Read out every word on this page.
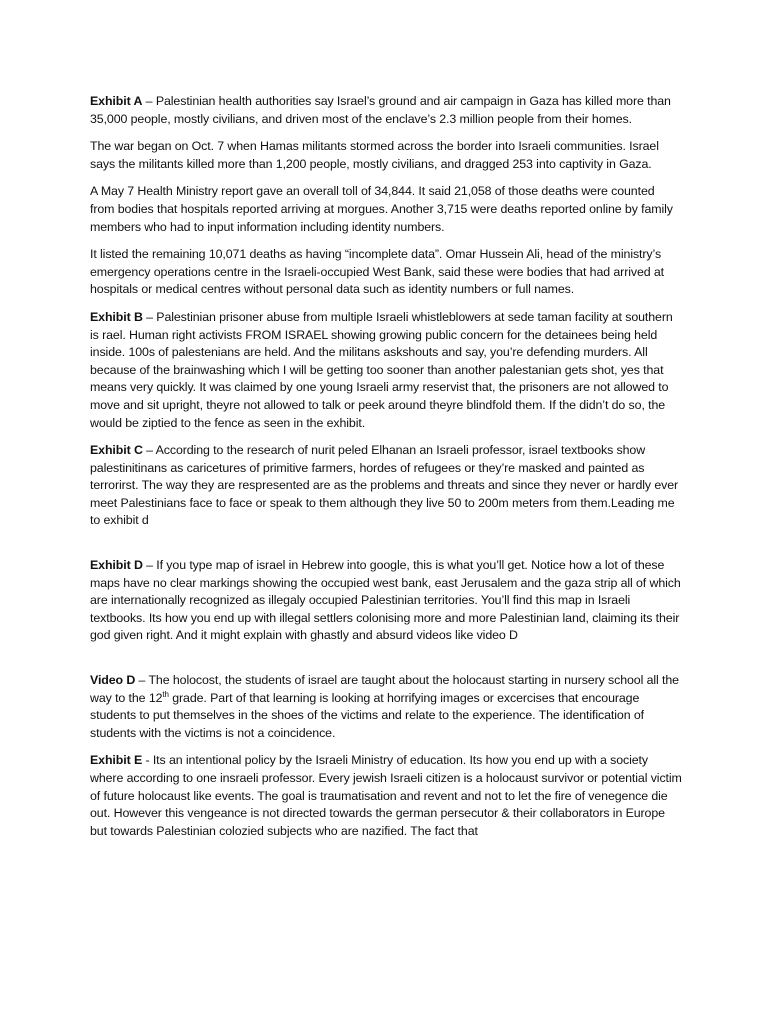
Exhibit A – Palestinian health authorities say Israel’s ground and air campaign in Gaza has killed more than 35,000 people, mostly civilians, and driven most of the enclave’s 2.3 million people from their homes.

The war began on Oct. 7 when Hamas militants stormed across the border into Israeli communities. Israel says the militants killed more than 1,200 people, mostly civilians, and dragged 253 into captivity in Gaza.

A May 7 Health Ministry report gave an overall toll of 34,844. It said 21,058 of those deaths were counted from bodies that hospitals reported arriving at morgues. Another 3,715 were deaths reported online by family members who had to input information including identity numbers.

It listed the remaining 10,071 deaths as having “incomplete data”. Omar Hussein Ali, head of the ministry’s emergency operations centre in the Israeli-occupied West Bank, said these were bodies that had arrived at hospitals or medical centres without personal data such as identity numbers or full names.

Exhibit B – Palestinian prisoner abuse from multiple Israeli whistleblowers at sede taman facility at southern is rael. Human right activists FROM ISRAEL showing growing public concern for the detainees being held inside. 100s of palestenians are held. And the militans askshouts and say, you’re defending murders. All because of the brainwashing which I will be getting too sooner than another palestanian gets shot, yes that means very quickly. It was claimed by one young Israeli army reservist that, the prisoners are not allowed to move and sit upright, theyre not allowed to talk or peek around theyre blindfold them. If the didn’t do so, the would be ziptied to the fence as seen in the exhibit.

Exhibit C – According to the research of nurit peled Elhanan an Israeli professor, israel textbooks show palestinitinans as caricetures of primitive farmers, hordes of refugees or they’re masked and painted as terrorirst. The way they are respresented are as the problems and threats and since they never or hardly ever meet Palestinians face to face or speak to them although they live 50 to 200m meters from them.Leading me to exhibit d

Exhibit D – If you type map of israel in Hebrew into google, this is what you’ll get. Notice how a lot of these maps have no clear markings showing the occupied west bank, east Jerusalem and the gaza strip all of which are internationally recognized as illegaly occupied Palestinian territories. You’ll find this map in Israeli textbooks. Its how you end up with illegal settlers colonising more and more Palestinian land, claiming its their god given right. And it might explain with ghastly and absurd videos like video D

Video D – The holocost, the students of israel are taught about the holocaust starting in nursery school all the way to the 12th grade. Part of that learning is looking at horrifying images or excercises that encourage students to put themselves in the shoes of the victims and relate to the experience. The identification of students with the victims is not a coincidence.

Exhibit E - Its an intentional policy by the Israeli Ministry of education. Its how you end up with a society where according to one insraeli professor. Every jewish Israeli citizen is a holocaust survivor or potential victim of future holocaust like events. The goal is traumatisation and revent and not to let the fire of venegence die out. However this vengeance is not directed towards the german persecutor & their collaborators in Europe but towards Palestinian colozied subjects who are nazified. The fact that
